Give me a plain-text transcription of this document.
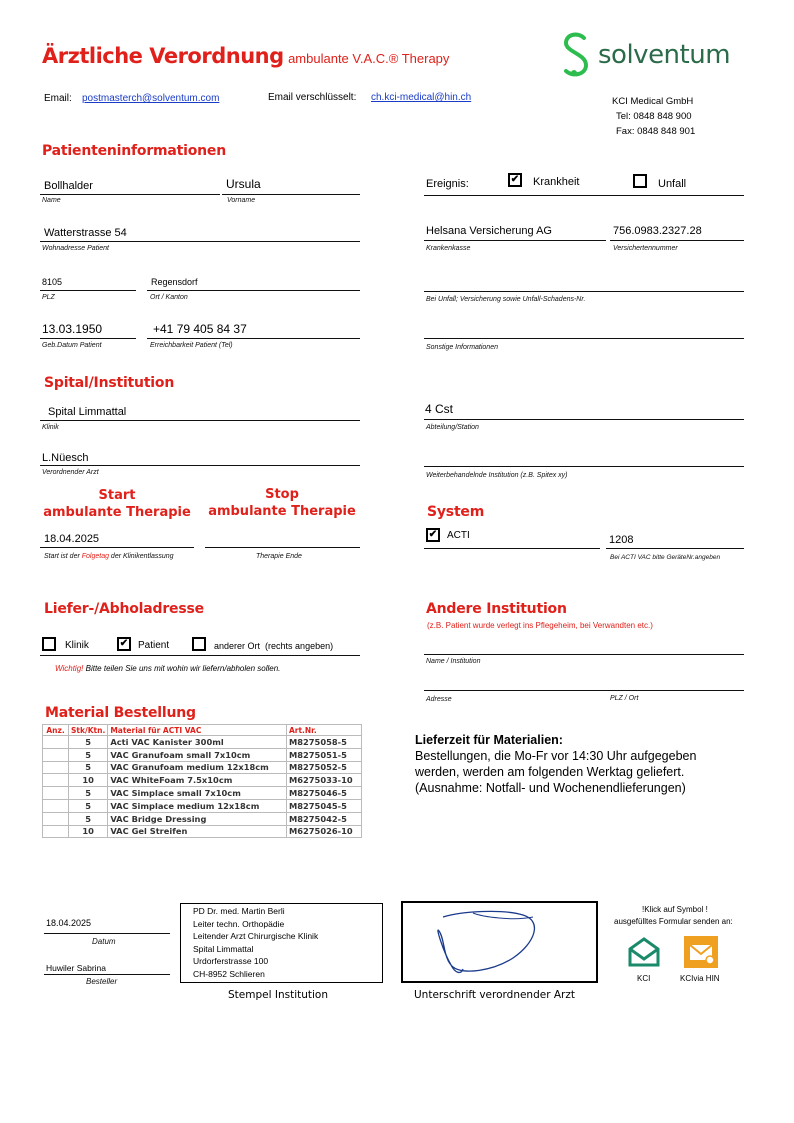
Ärztliche Verordnung ambulante V.A.C.® Therapy	solventum
Email: postmasterch@solventum.com	Email verschlüsselt: ch.kci-medical@hin.ch	KCI Medical GmbH
Tel: 0848 848 900
Fax: 0848 848 901
Patienteninformationen
Bollhalder
Name
Ursula
Vorname
Watterstrasse 54
Wohnadresse Patient
8105
PLZ
Regensdorf
Ort / Kanton
13.03.1950
Geb.Datum Patient
+41 79 405 84 37
Erreichbarkeit Patient (Tel)
Ereignis:	✔ Krankheit	Unfall
Helsana Versicherung AG
Krankenkasse
756.0983.2327.28
Versichertennummer
Bei Unfall; Versicherung sowie Unfall-Schadens-Nr.
Sonstige Informationen
Spital/Institution
Spital Limmattal
Klinik
4 Cst
Abteilung/Station
L.Nüesch
Verordnender Arzt	Weiterbehandelnde Institution (z.B. Spitex xy)
Start
ambulante Therapie
Stop
ambulante Therapie
18.04.2025
Start ist der Folgetag der Klinikentlassung	Therapie Ende
System
✔ ACTI	1208
Bei ACTI VAC bitte GeräteNr.angeben
Liefer-/Abholadresse
Klinik	✔ Patient	anderer Ort (rechts angeben)
Wichtig! Bitte teilen Sie uns mit wohin wir liefern/abholen sollen.
Andere Institution
(z.B. Patient wurde verlegt ins Pflegeheim, bei Verwandten etc.)
Name / Institution
Adresse	PLZ / Ort
Material Bestellung
Anz.	Stk/Ktn.	Material für ACTI VAC	Art.Nr.
	5	Acti VAC Kanister 300ml	M8275058-5
	5	VAC Granufoam small 7x10cm	M8275051-5
	5	VAC Granufoam medium 12x18cm	M8275052-5
	10	VAC WhiteFoam 7.5x10cm	M6275033-10
	5	VAC Simplace small 7x10cm	M8275046-5
	5	VAC Simplace medium 12x18cm	M8275045-5
	5	VAC Bridge Dressing	M8275042-5
	10	VAC Gel Streifen	M6275026-10
Lieferzeit für Materialien:
Bestellungen, die Mo-Fr vor 14:30 Uhr aufgegeben
werden, werden am folgenden Werktag geliefert.
(Ausnahme: Notfall- und Wochenendlieferungen)
18.04.2025
Datum
Huwiler Sabrina
Besteller
PD Dr. med. Martin Berli
Leiter techn. Orthopädie
Leitender Arzt Chirurgische Klinik
Spital Limmattal
Urdorferstrasse 100
CH-8952 Schlieren
Stempel Institution	Unterschrift verordnender Arzt
!Klick auf Symbol !
ausgefülltes Formular senden an:
KCI	KCIvia HIN
